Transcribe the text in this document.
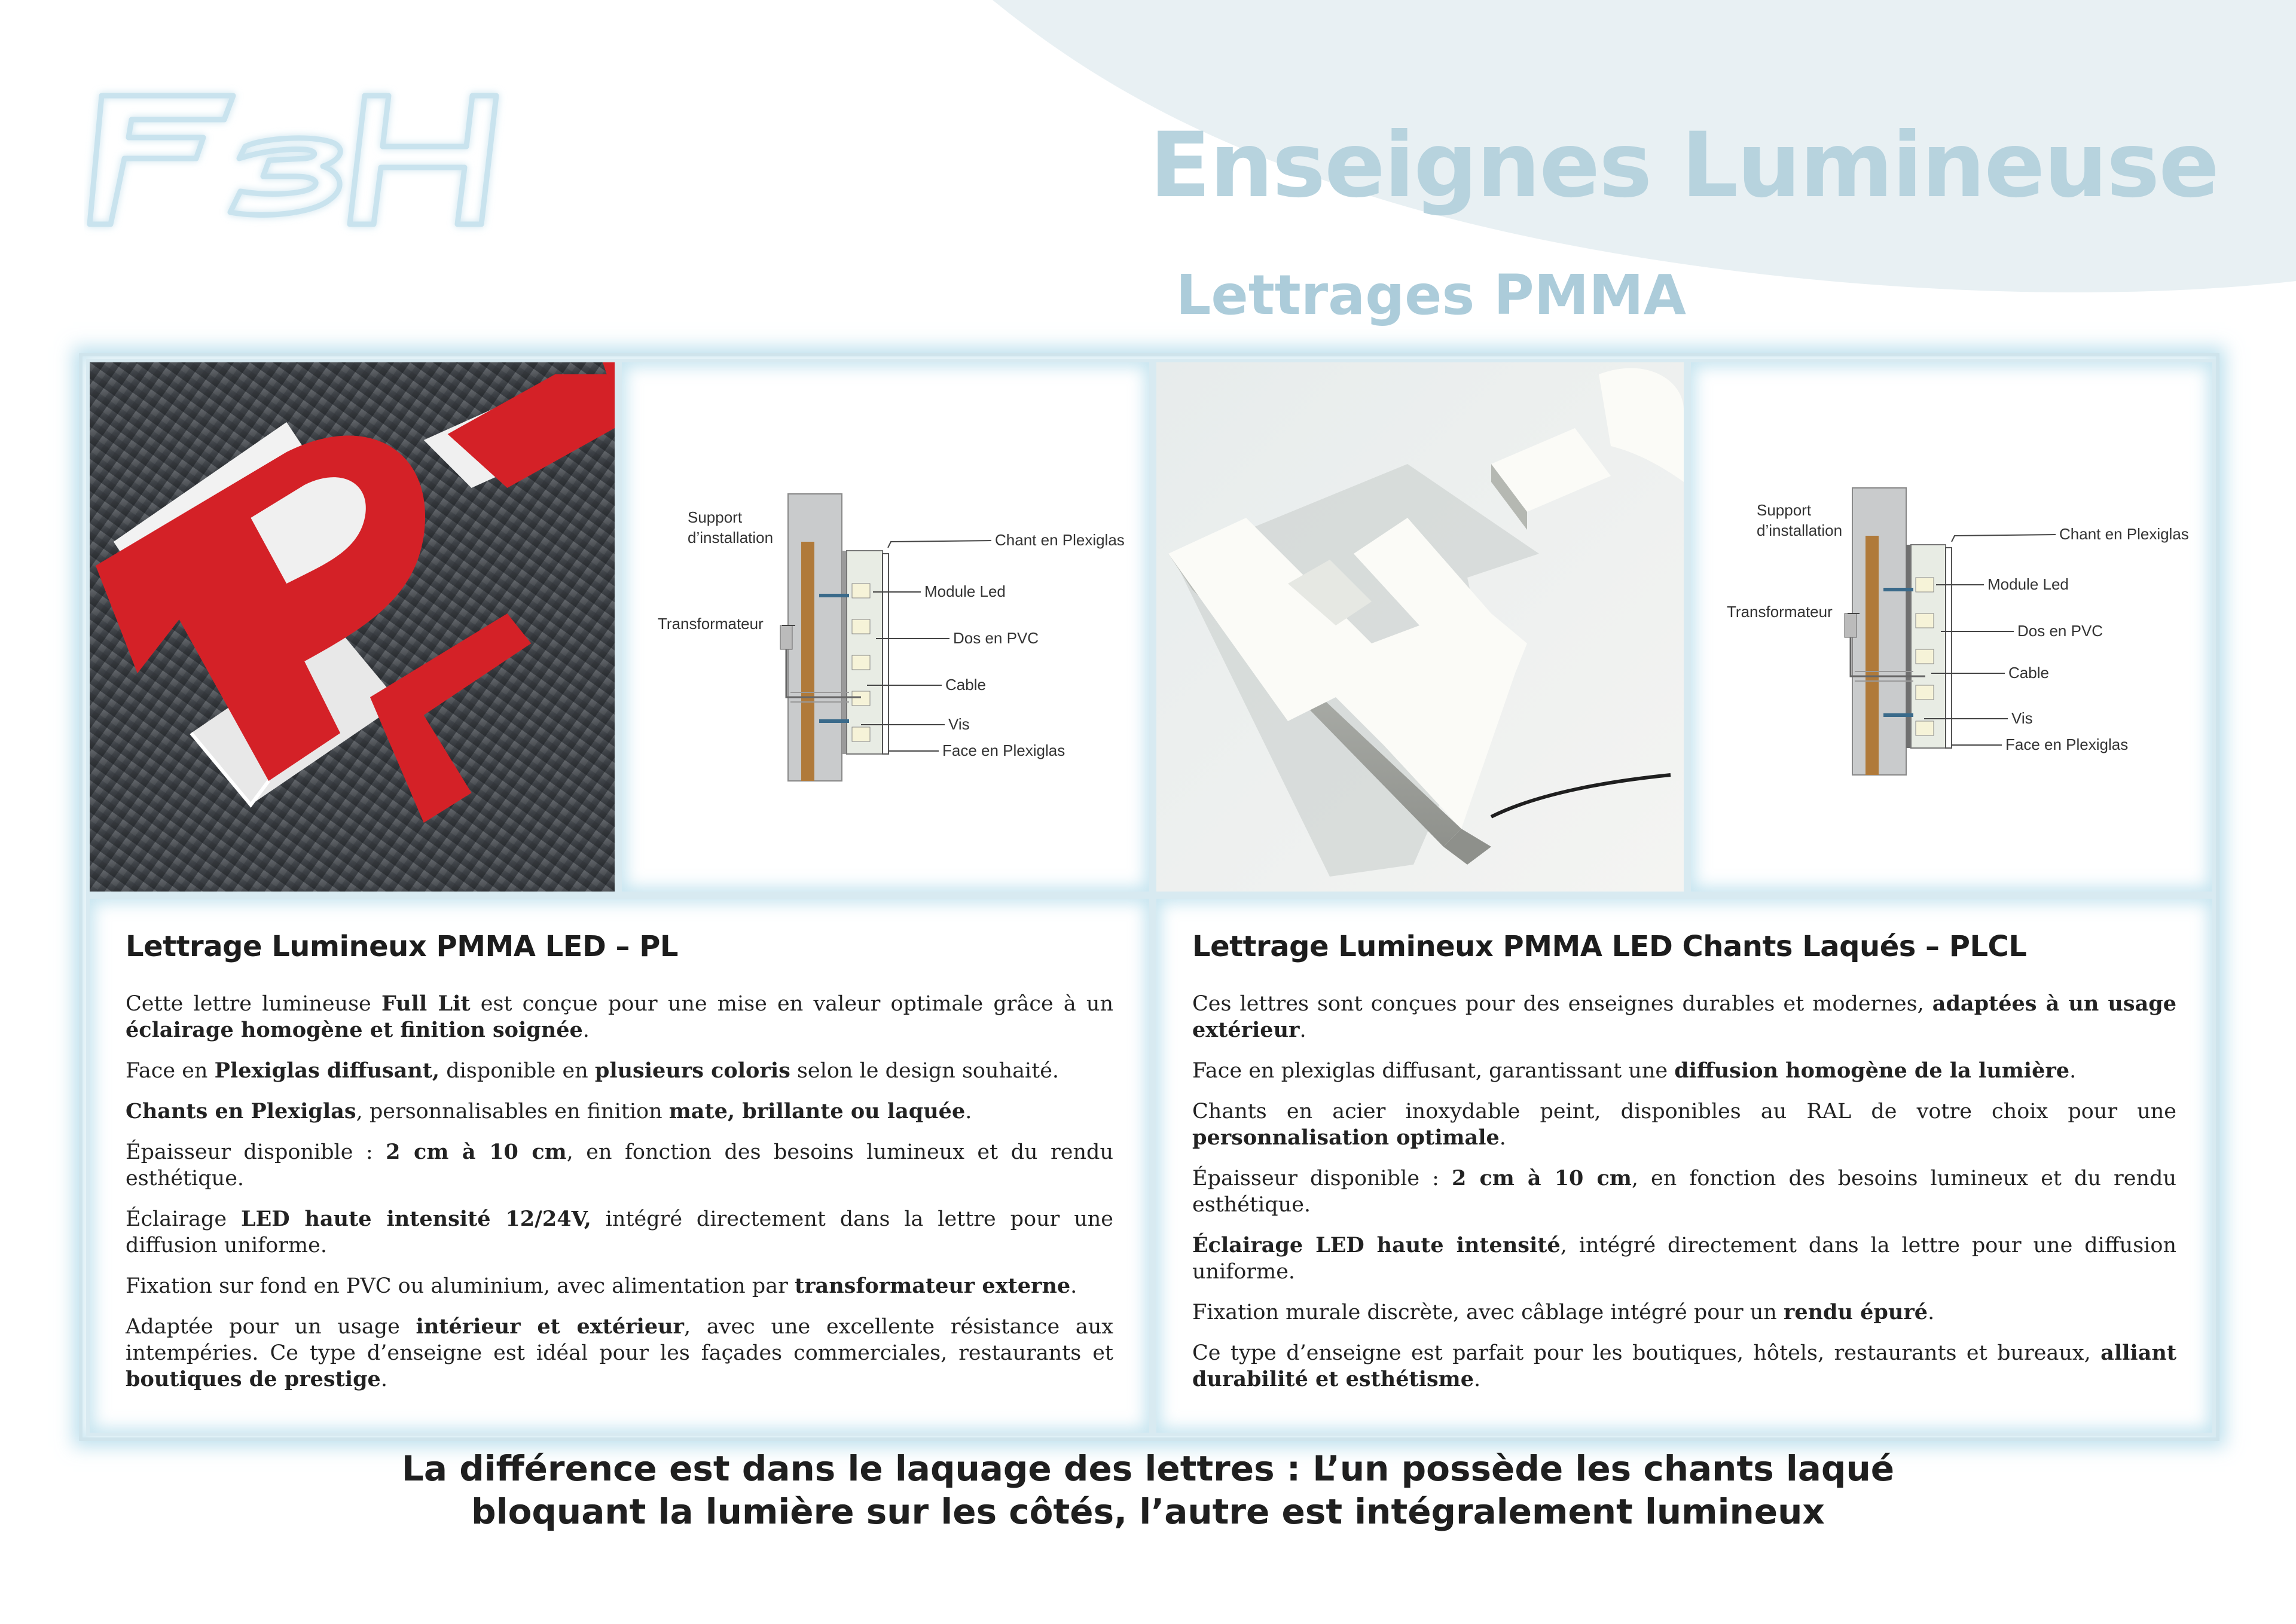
FBH
Enseignes Lumineuse
Lettrages PMMA
Support
d’installation
Transformateur
Chant en Plexiglas
Module Led
Dos en PVC
Cable
Vis
Face en Plexiglas
Support
d’installation
Transformateur
Chant en Plexiglas
Module Led
Dos en PVC
Cable
Vis
Face en Plexiglas
Lettrage Lumineux PMMA LED – PL

Cette lettre lumineuse Full Lit est conçue pour une mise en valeur optimale grâce à un éclairage homogène et finition soignée.

Face en Plexiglas diffusant, disponible en plusieurs coloris selon le design souhaité.

Chants en Plexiglas, personnalisables en finition mate, brillante ou laquée.

Épaisseur disponible : 2 cm à 10 cm, en fonction des besoins lumineux et du rendu esthétique.

Éclairage LED haute intensité 12/24V, intégré directement dans la lettre pour une diffusion uniforme.

Fixation sur fond en PVC ou aluminium, avec alimentation par transformateur externe.

Adaptée pour un usage intérieur et extérieur, avec une excellente résistance aux intempéries. Ce type d’enseigne est idéal pour les façades commerciales, restaurants et boutiques de prestige.

Lettrage Lumineux PMMA LED Chants Laqués – PLCL

Ces lettres sont conçues pour des enseignes durables et modernes, adaptées à un usage extérieur.

Face en plexiglas diffusant, garantissant une diffusion homogène de la lumière.

Chants en acier inoxydable peint, disponibles au RAL de votre choix pour une personnalisation optimale.

Épaisseur disponible : 2 cm à 10 cm, en fonction des besoins lumineux et du rendu esthétique.

Éclairage LED haute intensité, intégré directement dans la lettre pour une diffusion uniforme.

Fixation murale discrète, avec câblage intégré pour un rendu épuré.

Ce type d’enseigne est parfait pour les boutiques, hôtels, restaurants et bureaux, alliant durabilité et esthétisme.

La différence est dans le laquage des lettres : L’un possède les chants laqué
bloquant la lumière sur les côtés, l’autre est intégralement lumineux
